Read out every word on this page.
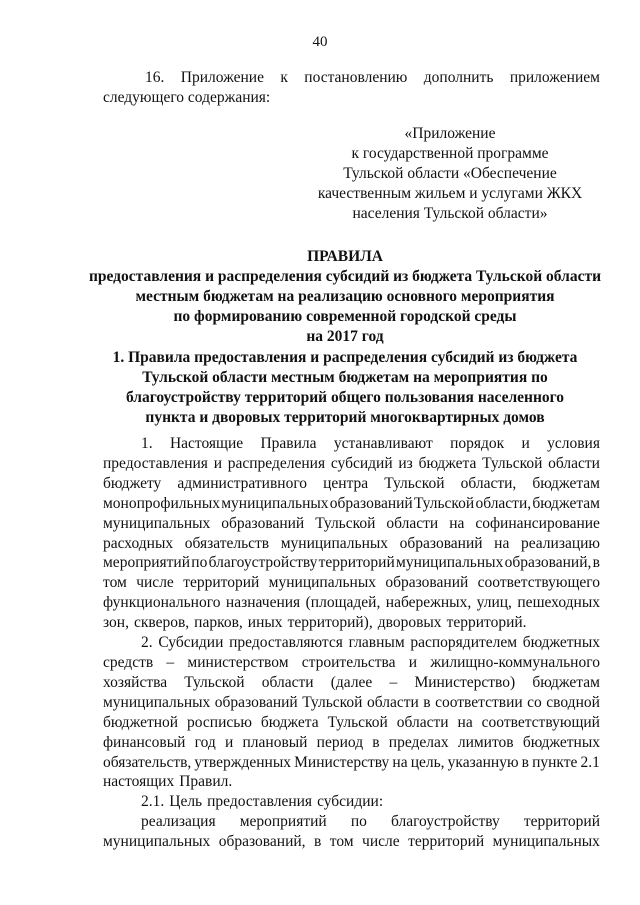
40
16. Приложение к постановлению дополнить приложением
следующего содержания:
«Приложение
к государственной программе
Тульской области «Обеспечение
качественным жильем и услугами ЖКХ
населения Тульской области»
ПРАВИЛА
предоставления и распределения субсидий из бюджета Тульской области
местным бюджетам на реализацию основного мероприятия
по формированию современной городской среды
на 2017 год
1. Правила предоставления и распределения субсидий из бюджета
Тульской области местным бюджетам на мероприятия по
благоустройству территорий общего пользования населенного
пункта и дворовых территорий многоквартирных домов
1. Настоящие Правила устанавливают порядок и условия
предоставления и распределения субсидий из бюджета Тульской области
бюджету административного центра Тульской области, бюджетам
монопрофильных муниципальных образований Тульской области, бюджетам
муниципальных образований Тульской области на софинансирование
расходных обязательств муниципальных образований на реализацию
мероприятий по благоустройству территорий муниципальных образований, в
том числе территорий муниципальных образований соответствующего
функционального назначения (площадей, набережных, улиц, пешеходных
зон, скверов, парков, иных территорий), дворовых территорий.
2. Субсидии предоставляются главным распорядителем бюджетных
средств – министерством строительства и жилищно-коммунального
хозяйства Тульской области (далее – Министерство) бюджетам
муниципальных образований Тульской области в соответствии со сводной
бюджетной росписью бюджета Тульской области на соответствующий
финансовый год и плановый период в пределах лимитов бюджетных
обязательств, утвержденных Министерству на цель, указанную в пункте 2.1
настоящих Правил.
2.1. Цель предоставления субсидии:
реализация мероприятий по благоустройству территорий
муниципальных образований, в том числе территорий муниципальных
